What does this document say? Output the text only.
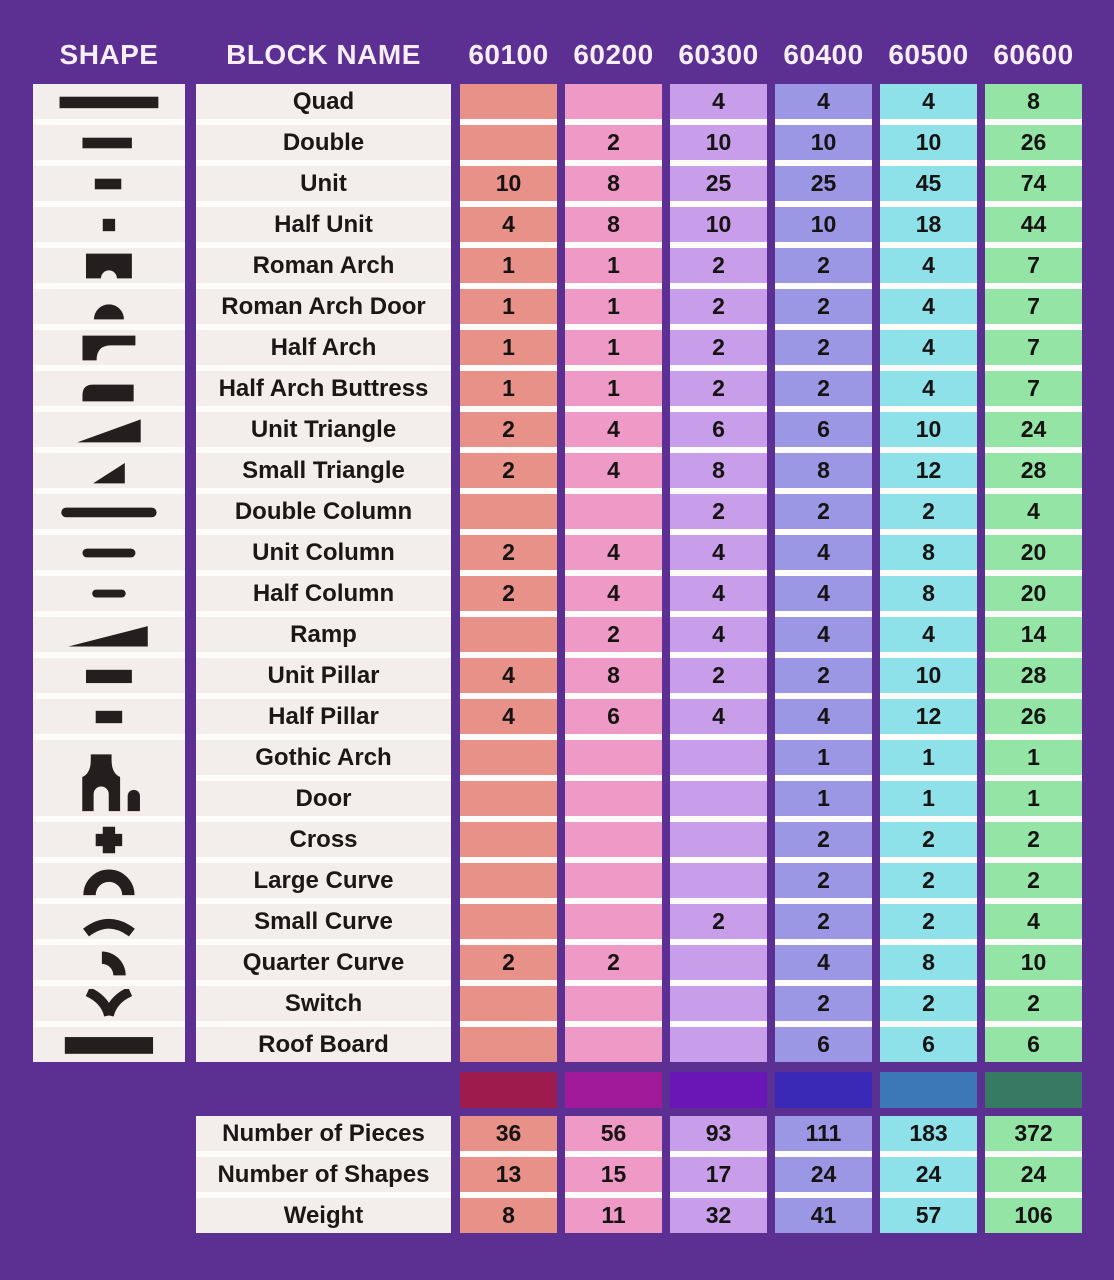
SHAPE	BLOCK NAME	60100 60200 60300 60400 60500 60600
Quad
Double
Unit
Half Unit
Roman Arch
Roman Arch Door
Half Arch
Half Arch Buttress
Unit Triangle
Small Triangle
Double Column
Unit Column
Half Column
Ramp
Unit Pillar
Half Pillar
Gothic Arch
Door
Cross
Large Curve
Small Curve
Quarter Curve
Switch
Roof Board
10
4
1
1
1
1
2
2
2
2
4
4
2
36
13
8
2
8
8
1
1
1
1
4
4
4
4
2
8
6
2
56
15
11
4
10
25
10
2
2
2
2
6
8
2
4
4
4
2
4
2
93
17
32
4
10
25
10
2
2
2
2
6
8
2
4
4
4
2
4
1
1
2
2
2
4
2
6
111
24
41
4
10
45
18
4
4
4
4
10
12
2
8
8
4
10
12
1
1
2
2
2
8
2
6
183
24
57
8
26
74
44
7
7
7
7
24
28
4
20
20
14
28
26
1
1
2
2
4
10
2
6
372
24
106
Number of Pieces
Number of Shapes
Weight
